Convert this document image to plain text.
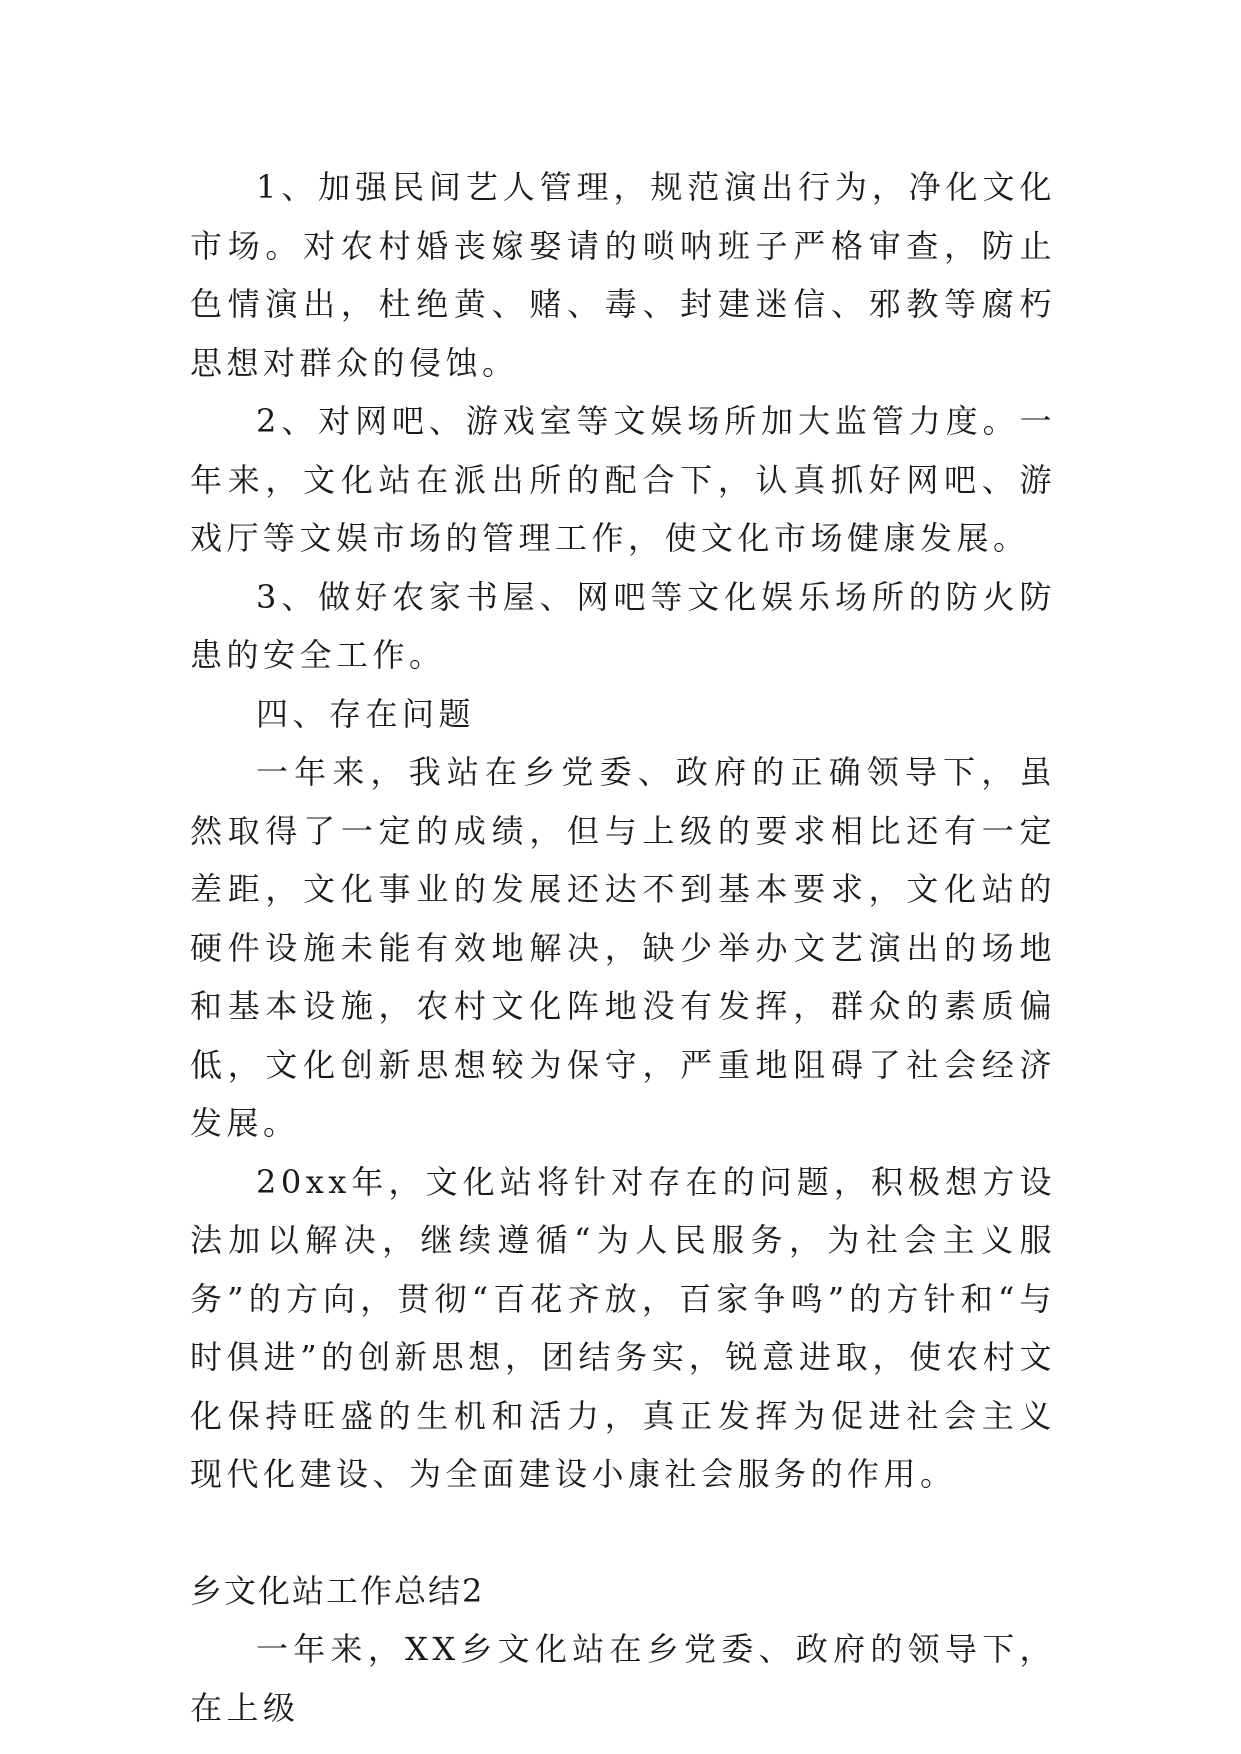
1、加强民间艺人管理，规范演出行为，净化文化市场。对农村婚丧嫁娶请的唢呐班子严格审查，防止色情演出，杜绝黄、赌、毒、封建迷信、邪教等腐朽思想对群众的侵蚀。

2、对网吧、游戏室等文娱场所加大监管力度。一年来，文化站在派出所的配合下，认真抓好网吧、游戏厅等文娱市场的管理工作，使文化市场健康发展。

3、做好农家书屋、网吧等文化娱乐场所的防火防患的安全工作。

四、存在问题

一年来，我站在乡党委、政府的正确领导下，虽然取得了一定的成绩，但与上级的要求相比还有一定差距，文化事业的发展还达不到基本要求，文化站的硬件设施未能有效地解决，缺少举办文艺演出的场地和基本设施，农村文化阵地没有发挥，群众的素质偏低，文化创新思想较为保守，严重地阻碍了社会经济发展。

20xx年，文化站将针对存在的问题，积极想方设法加以解决，继续遵循“为人民服务，为社会主义服务”的方向，贯彻“百花齐放，百家争鸣”的方针和“与时俱进”的创新思想，团结务实，锐意进取，使农村文化保持旺盛的生机和活力，真正发挥为促进社会主义现代化建设、为全面建设小康社会服务的作用。

乡文化站工作总结2

一年来，XX乡文化站在乡党委、政府的领导下，在上级
